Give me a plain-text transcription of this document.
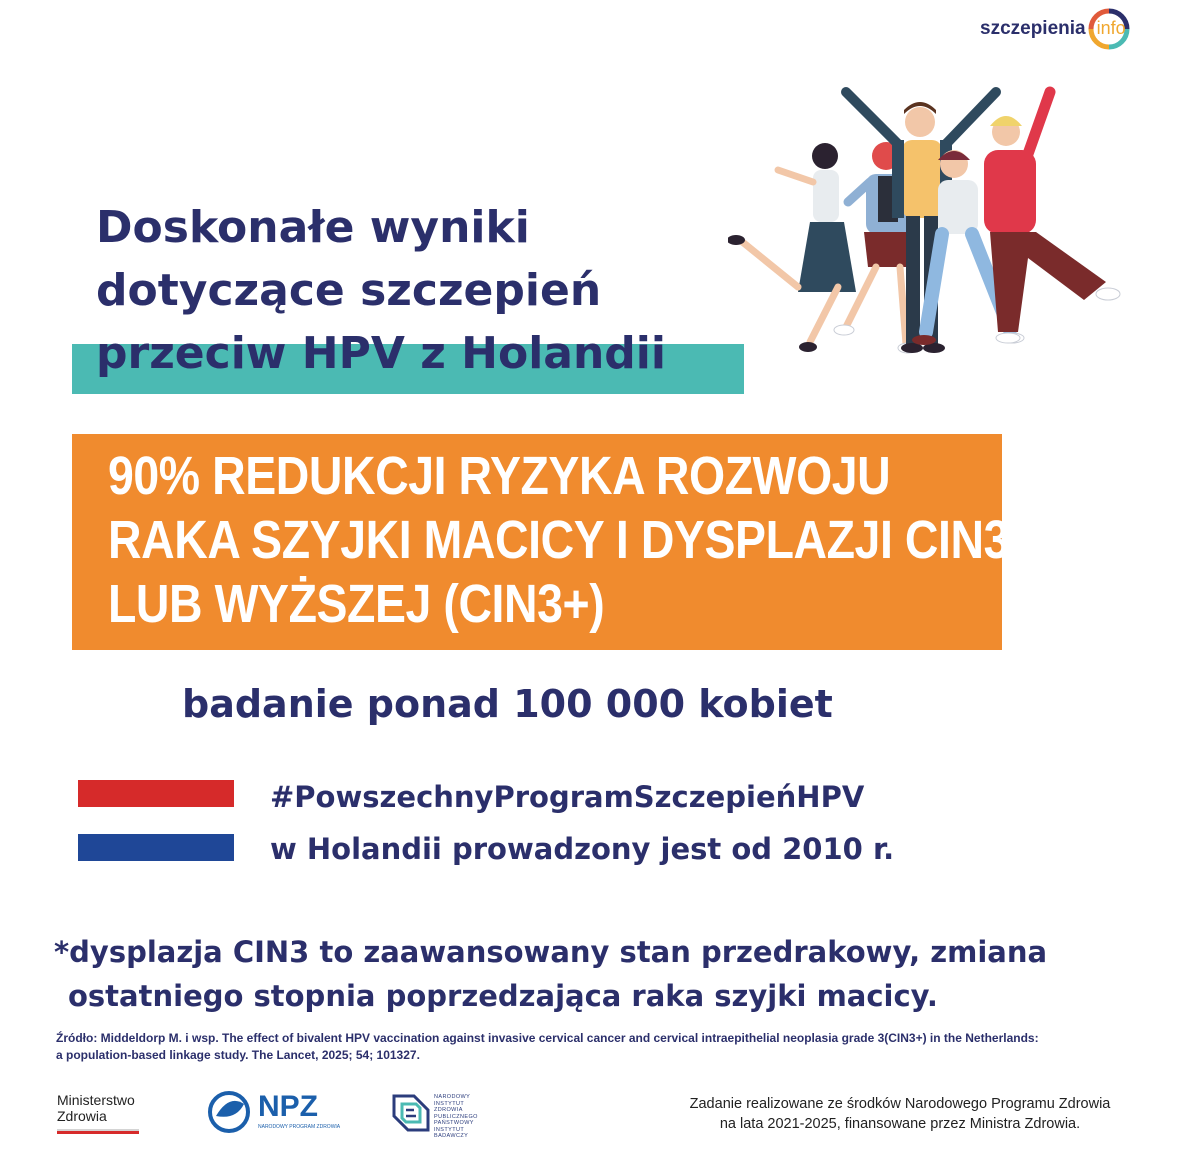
szczepienia info
Doskonałe wyniki
dotyczące szczepień
przeciw HPV z Holandii
90% REDUKCJI RYZYKA ROZWOJU
RAKA SZYJKI MACICY I DYSPLAZJI CIN3*
LUB WYŻSZEJ (CIN3+)
badanie ponad 100 000 kobiet
#PowszechnyProgramSzczepieńHPV
w Holandii prowadzony jest od 2010 r.
*dysplazja CIN3 to zaawansowany stan przedrakowy, zmiana
ostatniego stopnia poprzedzająca raka szyjki macicy.
Źródło: Middeldorp M. i wsp. The effect of bivalent HPV vaccination against invasive cervical cancer and cervical intraepithelial neoplasia grade 3(CIN3+) in the Netherlands:
a population-based linkage study. The Lancet, 2025; 54; 101327.
Ministerstwo
Zdrowia	NPZ
NARODOWY PROGRAM ZDROWIA
NARODOWY
INSTYTUT
ZDROWIA
PUBLICZNEGO
PAŃSTWOWY INSTYTUT
BADAWCZY
Zadanie realizowane ze środków Narodowego Programu Zdrowia
na lata 2021-2025, finansowane przez Ministra Zdrowia.
